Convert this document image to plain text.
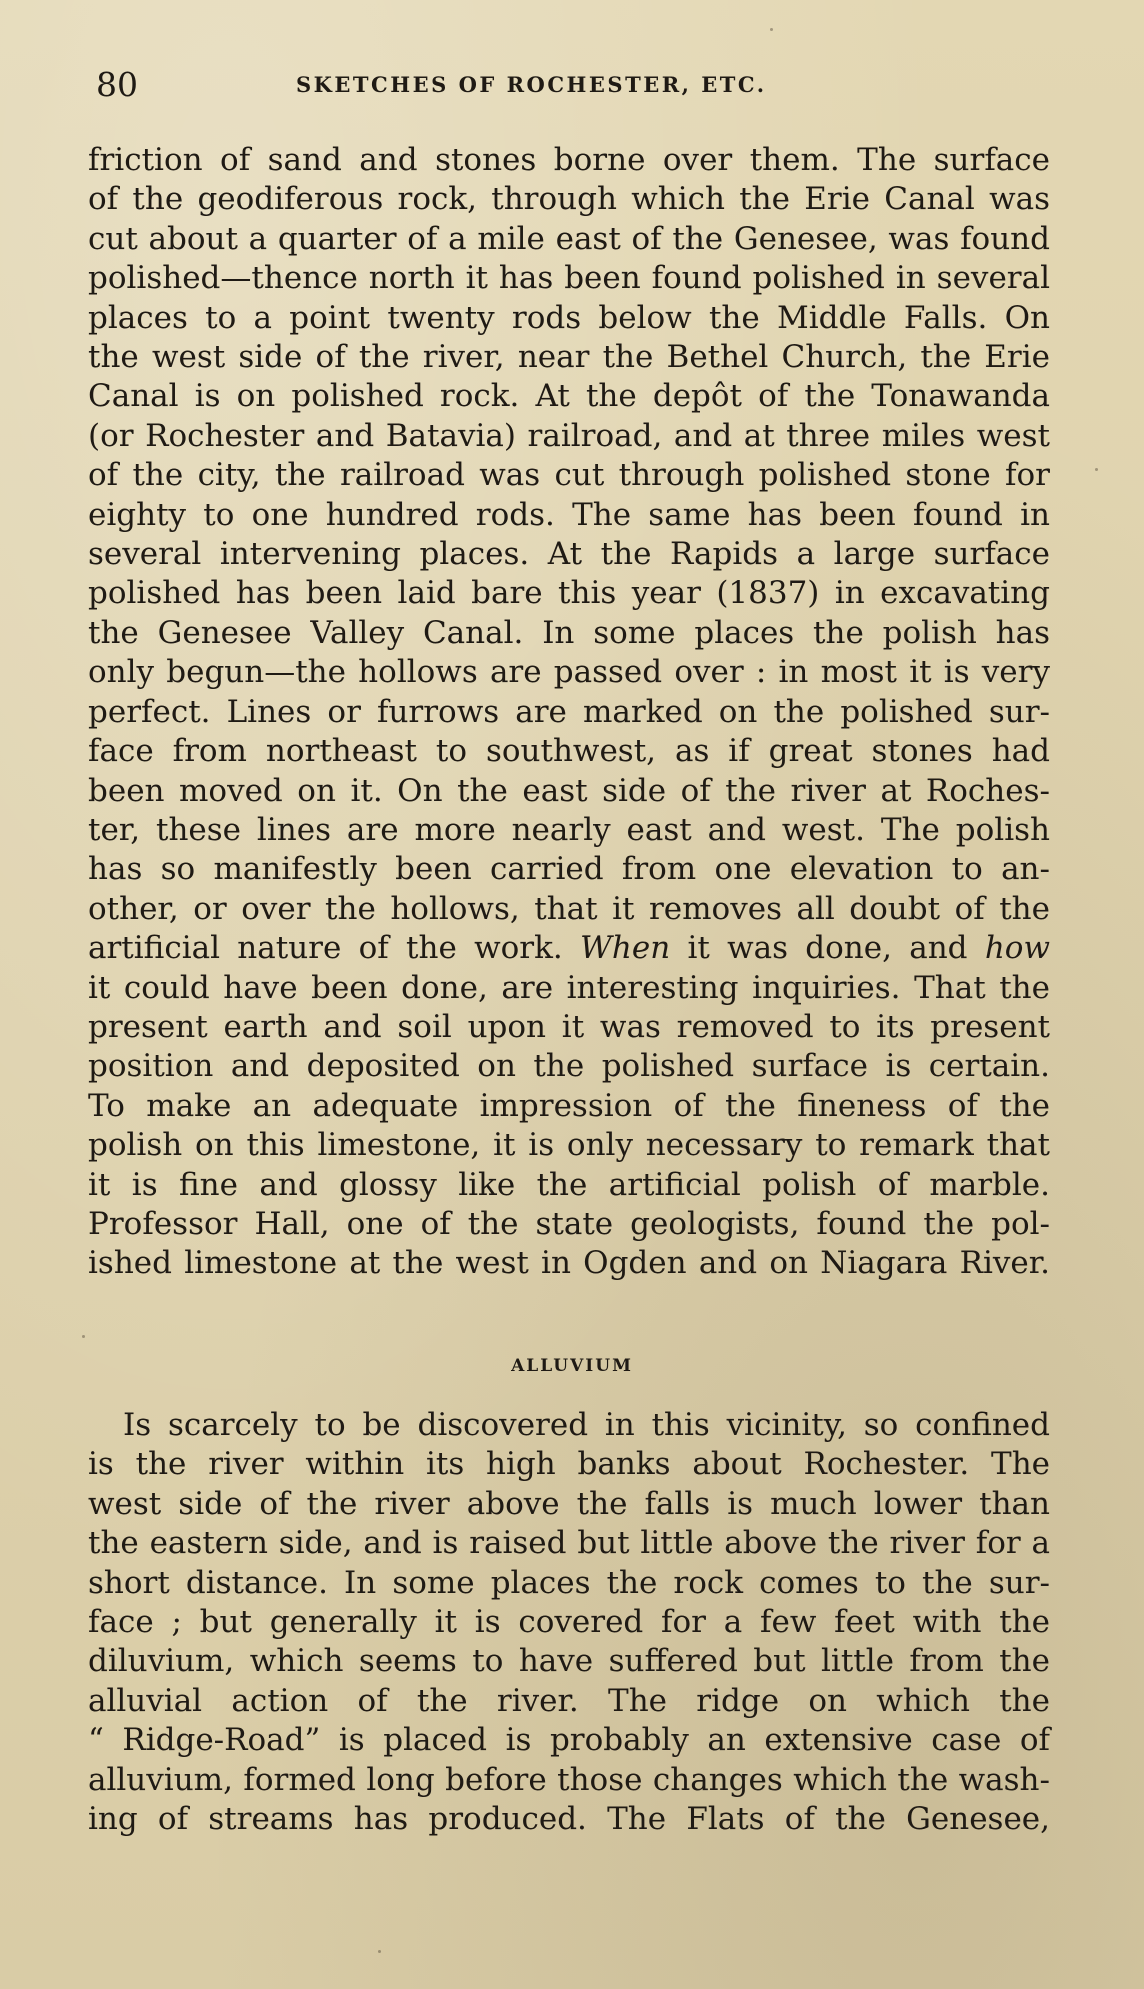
80	SKETCHES OF ROCHESTER, ETC.
friction of sand and stones borne over them. The surface
of the geodiferous rock, through which the Erie Canal was
cut about a quarter of a mile east of the Genesee, was found
polished—thence north it has been found polished in several
places to a point twenty rods below the Middle Falls. On
the west side of the river, near the Bethel Church, the Erie
Canal is on polished rock. At the depôt of the Tonawanda
(or Rochester and Batavia) railroad, and at three miles west
of the city, the railroad was cut through polished stone for
eighty to one hundred rods. The same has been found in
several intervening places. At the Rapids a large surface
polished has been laid bare this year (1837) in excavating
the Genesee Valley Canal. In some places the polish has
only begun—the hollows are passed over : in most it is very
perfect. Lines or furrows are marked on the polished sur-
face from northeast to southwest, as if great stones had
been moved on it. On the east side of the river at Roches-
ter, these lines are more nearly east and west. The polish
has so manifestly been carried from one elevation to an-
other, or over the hollows, that it removes all doubt of the
artificial nature of the work. When it was done, and how
it could have been done, are interesting inquiries. That the
present earth and soil upon it was removed to its present
position and deposited on the polished surface is certain.
To make an adequate impression of the fineness of the
polish on this limestone, it is only necessary to remark that
it is fine and glossy like the artificial polish of marble.
Professor Hall, one of the state geologists, found the pol-
ished limestone at the west in Ogden and on Niagara River.
ALLUVIUM
Is scarcely to be discovered in this vicinity, so confined
is the river within its high banks about Rochester. The
west side of the river above the falls is much lower than
the eastern side, and is raised but little above the river for a
short distance. In some places the rock comes to the sur-
face ; but generally it is covered for a few feet with the
diluvium, which seems to have suffered but little from the
alluvial action of the river. The ridge on which the
“ Ridge-Road” is placed is probably an extensive case of
alluvium, formed long before those changes which the wash-
ing of streams has produced. The Flats of the Genesee,
